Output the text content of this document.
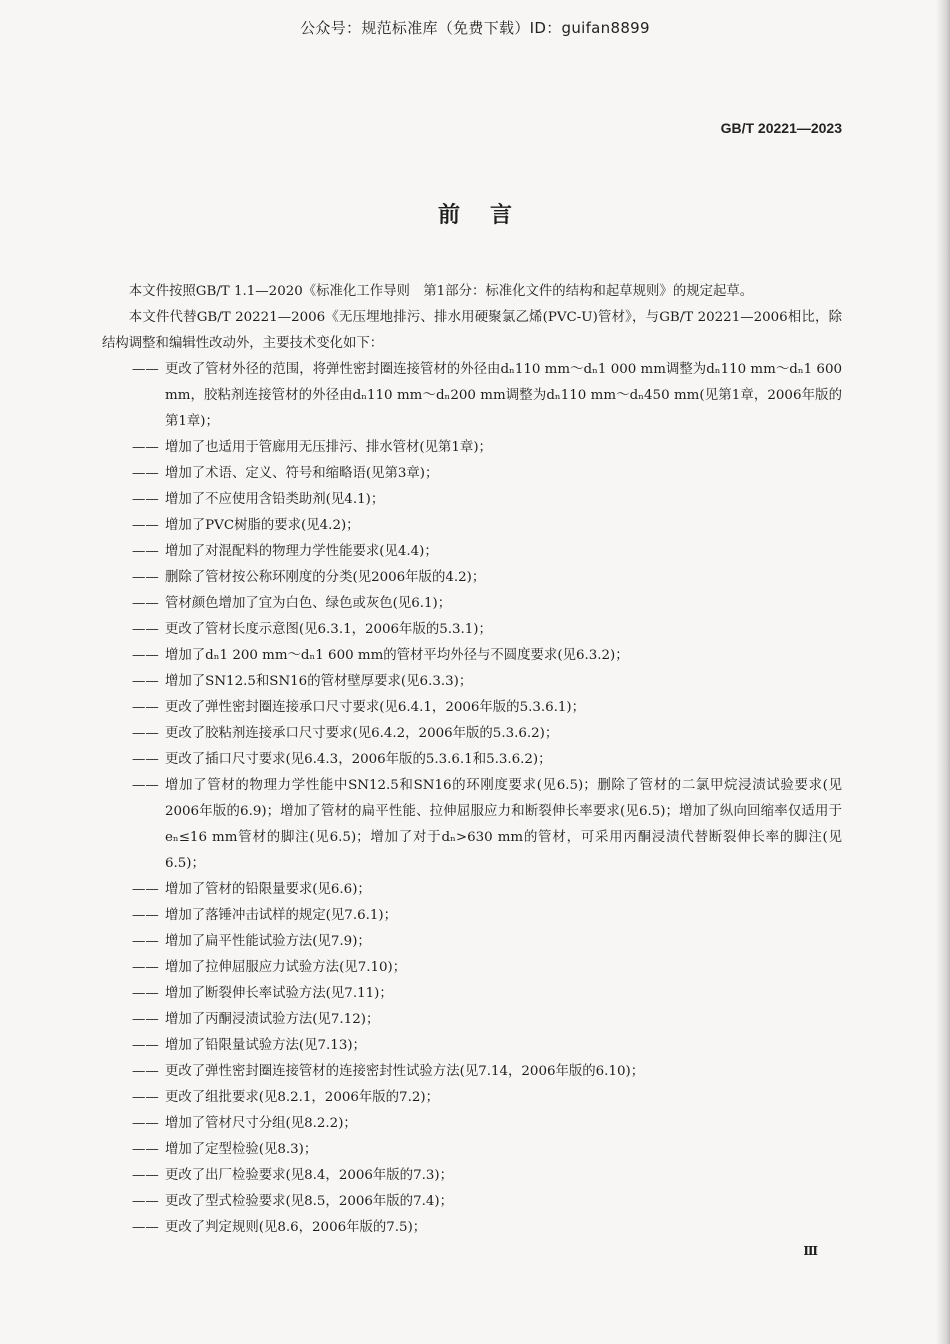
公众号：规范标准库（免费下载）ID：guifan8899
GB/T 20221—2023
前言

本文件按照GB/T 1.1—2020《标准化工作导则　第1部分：标准化文件的结构和起草规则》的规定起草。

本文件代替GB/T 20221—2006《无压埋地排污、排水用硬聚氯乙烯(PVC-U)管材》，与GB/T 20221—2006相比，除结构调整和编辑性改动外，主要技术变化如下：

—— 更改了管材外径的范围，将弹性密封圈连接管材的外径由dₙ110 mm～dₙ1 000 mm调整为dₙ110 mm～dₙ1 600 mm，胶粘剂连接管材的外径由dₙ110 mm～dₙ200 mm调整为dₙ110 mm～dₙ450 mm(见第1章，2006年版的第1章)；
—— 增加了也适用于管廊用无压排污、排水管材(见第1章)；
—— 增加了术语、定义、符号和缩略语(见第3章)；
—— 增加了不应使用含铅类助剂(见4.1)；
—— 增加了PVC树脂的要求(见4.2)；
—— 增加了对混配料的物理力学性能要求(见4.4)；
—— 删除了管材按公称环刚度的分类(见2006年版的4.2)；
—— 管材颜色增加了宜为白色、绿色或灰色(见6.1)；
—— 更改了管材长度示意图(见6.3.1，2006年版的5.3.1)；
—— 增加了dₙ1 200 mm～dₙ1 600 mm的管材平均外径与不圆度要求(见6.3.2)；
—— 增加了SN12.5和SN16的管材壁厚要求(见6.3.3)；
—— 更改了弹性密封圈连接承口尺寸要求(见6.4.1，2006年版的5.3.6.1)；
—— 更改了胶粘剂连接承口尺寸要求(见6.4.2，2006年版的5.3.6.2)；
—— 更改了插口尺寸要求(见6.4.3，2006年版的5.3.6.1和5.3.6.2)；
—— 增加了管材的物理力学性能中SN12.5和SN16的环刚度要求(见6.5)；删除了管材的二氯甲烷浸渍试验要求(见2006年版的6.9)；增加了管材的扁平性能、拉伸屈服应力和断裂伸长率要求(见6.5)；增加了纵向回缩率仅适用于eₙ≤16 mm管材的脚注(见6.5)；增加了对于dₙ>630 mm的管材，可采用丙酮浸渍代替断裂伸长率的脚注(见6.5)；
—— 增加了管材的铅限量要求(见6.6)；
—— 增加了落锤冲击试样的规定(见7.6.1)；
—— 增加了扁平性能试验方法(见7.9)；
—— 增加了拉伸屈服应力试验方法(见7.10)；
—— 增加了断裂伸长率试验方法(见7.11)；
—— 增加了丙酮浸渍试验方法(见7.12)；
—— 增加了铅限量试验方法(见7.13)；
—— 更改了弹性密封圈连接管材的连接密封性试验方法(见7.14，2006年版的6.10)；
—— 更改了组批要求(见8.2.1，2006年版的7.2)；
—— 增加了管材尺寸分组(见8.2.2)；
—— 增加了定型检验(见8.3)；
—— 更改了出厂检验要求(见8.4，2006年版的7.3)；
—— 更改了型式检验要求(见8.5，2006年版的7.4)；
—— 更改了判定规则(见8.6，2006年版的7.5)；
Ⅲ
